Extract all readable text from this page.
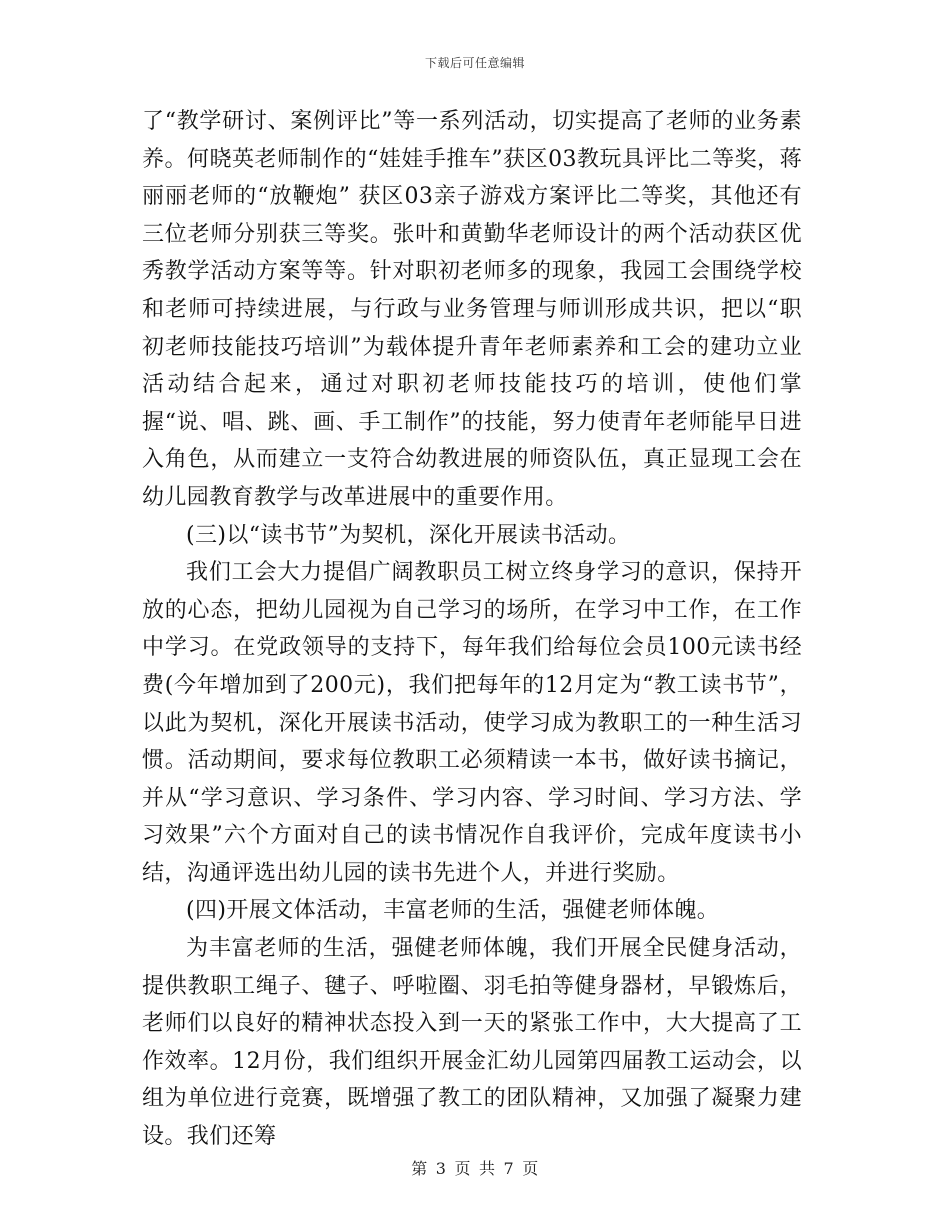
下载后可任意编辑

了“教学研讨、案例评比”等一系列活动，切实提高了老师的业务素养。何晓英老师制作的“娃娃手推车”获区03教玩具评比二等奖，蒋丽丽老师的“放鞭炮” 获区03亲子游戏方案评比二等奖，其他还有三位老师分别获三等奖。张叶和黄勤华老师设计的两个活动获区优秀教学活动方案等等。针对职初老师多的现象，我园工会围绕学校和老师可持续进展，与行政与业务管理与师训形成共识，把以“职初老师技能技巧培训”为载体提升青年老师素养和工会的建功立业活动结合起来，通过对职初老师技能技巧的培训，使他们掌握“说、唱、跳、画、手工制作”的技能，努力使青年老师能早日进入角色，从而建立一支符合幼教进展的师资队伍，真正显现工会在幼儿园教育教学与改革进展中的重要作用。

(三)以“读书节”为契机，深化开展读书活动。

我们工会大力提倡广阔教职员工树立终身学习的意识，保持开放的心态，把幼儿园视为自己学习的场所，在学习中工作，在工作中学习。在党政领导的支持下，每年我们给每位会员100元读书经费(今年增加到了200元)，我们把每年的12月定为“教工读书节”，以此为契机，深化开展读书活动，使学习成为教职工的一种生活习惯。活动期间，要求每位教职工必须精读一本书，做好读书摘记，并从“学习意识、学习条件、学习内容、学习时间、学习方法、学习效果”六个方面对自己的读书情况作自我评价，完成年度读书小结，沟通评选出幼儿园的读书先进个人，并进行奖励。

(四)开展文体活动，丰富老师的生活，强健老师体魄。

为丰富老师的生活，强健老师体魄，我们开展全民健身活动，提供教职工绳子、毽子、呼啦圈、羽毛拍等健身器材，早锻炼后，老师们以良好的精神状态投入到一天的紧张工作中，大大提高了工作效率。12月份，我们组织开展金汇幼儿园第四届教工运动会，以组为单位进行竞赛，既增强了教工的团队精神，又加强了凝聚力建设。我们还筹

第 3 页 共 7 页
